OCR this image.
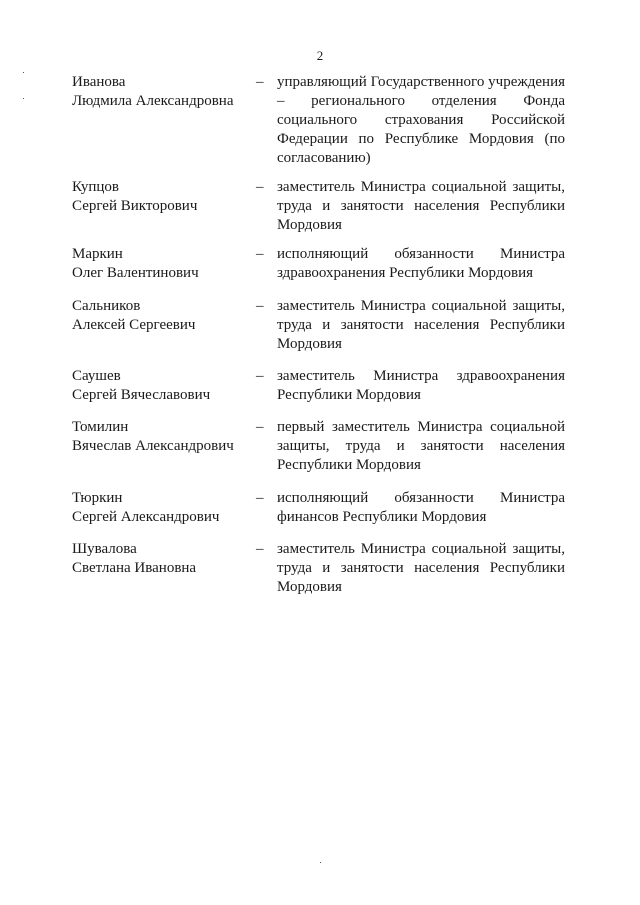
2
Иванова
Людмила Александровна
– управляющий Государственного учреждения – регионального отделения Фонда социального страхования Российской Федерации по Республике Мордовия (по согласованию)
Купцов
Сергей Викторович
– заместитель Министра социальной защиты, труда и занятости населения Республики Мордовия
Маркин
Олег Валентинович
– исполняющий обязанности Министра здравоохранения Республики Мордовия
Сальников
Алексей Сергеевич
– заместитель Министра социальной защиты, труда и занятости населения Республики Мордовия
Саушев
Сергей Вячеславович
– заместитель Министра здравоохранения Республики Мордовия
Томилин
Вячеслав Александрович
– первый заместитель Министра социальной защиты, труда и занятости населения Республики Мордовия
Тюркин
Сергей Александрович
– исполняющий обязанности Министра финансов Республики Мордовия
Шувалова
Светлана Ивановна
– заместитель Министра социальной защиты, труда и занятости населения Республики Мордовия
